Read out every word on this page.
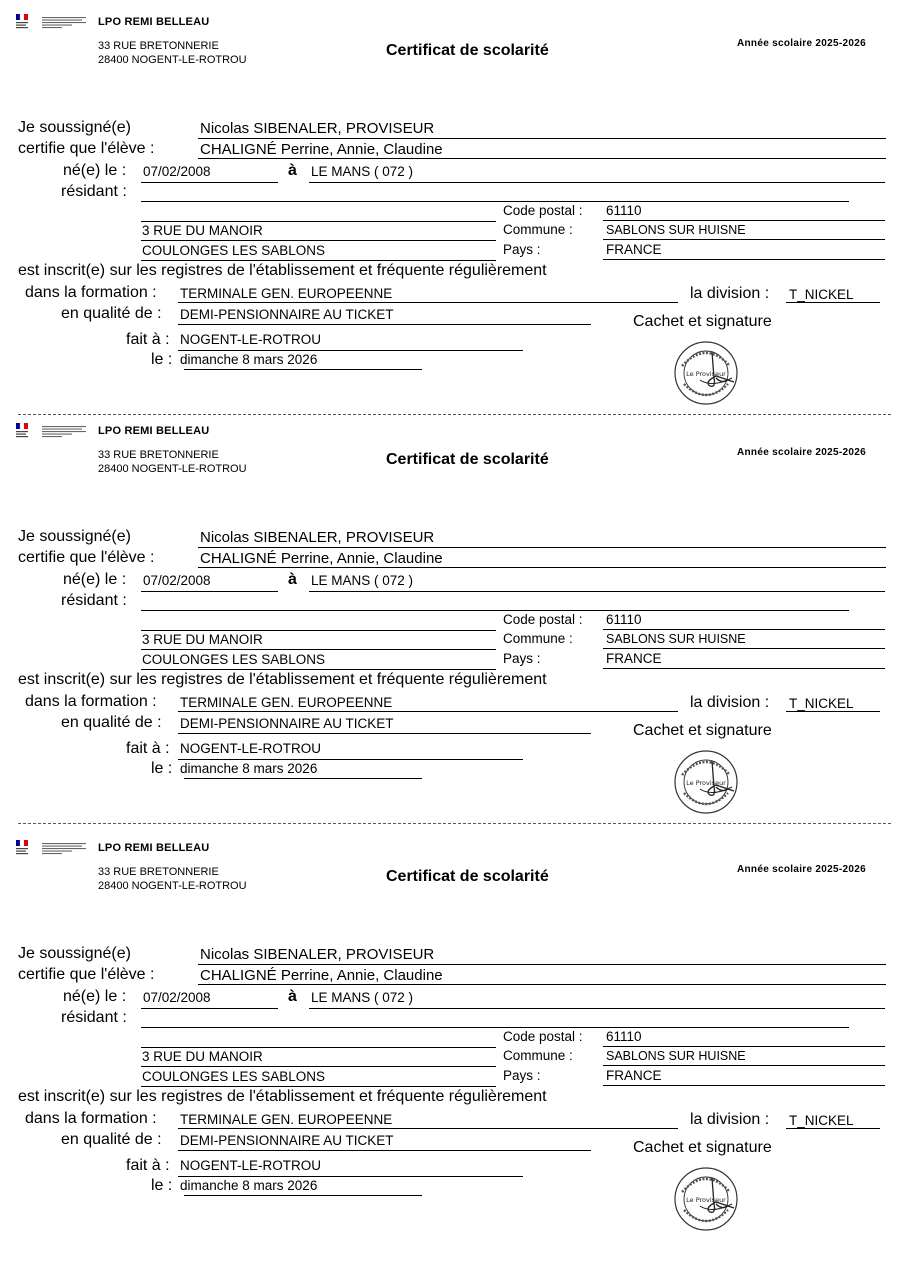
LPO REMI BELLEAU
33 RUE BRETONNERIE
28400 NOGENT-LE-ROTROU
Certificat de scolarité	Année scolaire 2025-2026
Je soussigné(e)	Nicolas SIBENALER, PROVISEUR
certifie que l'élève :	CHALIGNÉ Perrine, Annie, Claudine
né(e) le : 07/02/2008	à LE MANS ( 072 )
résidant :
Code postal : 61110
3 RUE DU MANOIR	Commune :	SABLONS SUR HUISNE
COULONGES LES SABLONS	Pays :	FRANCE
est inscrit(e) sur les registres de l'établissement et fréquente régulièrement
dans la formation : TERMINALE GEN. EUROPEENNE	la division : T_NICKEL
en qualité de : DEMI-PENSIONNAIRE AU TICKET	Cachet et signature
fait à : NOGENT-LE-ROTROU
le : dimanche 8 mars 2026
Le Proviseur
LPO REMI BELLEAU
33 RUE BRETONNERIE
28400 NOGENT-LE-ROTROU
Certificat de scolarité	Année scolaire 2025-2026
Je soussigné(e)	Nicolas SIBENALER, PROVISEUR
certifie que l'élève :	CHALIGNÉ Perrine, Annie, Claudine
né(e) le : 07/02/2008	à LE MANS ( 072 )
résidant :
Code postal : 61110
3 RUE DU MANOIR	Commune :	SABLONS SUR HUISNE
COULONGES LES SABLONS	Pays :	FRANCE
est inscrit(e) sur les registres de l'établissement et fréquente régulièrement
dans la formation : TERMINALE GEN. EUROPEENNE	la division : T_NICKEL
en qualité de : DEMI-PENSIONNAIRE AU TICKET	Cachet et signature
fait à : NOGENT-LE-ROTROU
le : dimanche 8 mars 2026
Le Proviseur
LPO REMI BELLEAU
33 RUE BRETONNERIE
28400 NOGENT-LE-ROTROU
Certificat de scolarité	Année scolaire 2025-2026
Je soussigné(e)	Nicolas SIBENALER, PROVISEUR
certifie que l'élève :	CHALIGNÉ Perrine, Annie, Claudine
né(e) le : 07/02/2008	à LE MANS ( 072 )
résidant :
Code postal : 61110
3 RUE DU MANOIR	Commune :	SABLONS SUR HUISNE
COULONGES LES SABLONS	Pays :	FRANCE
est inscrit(e) sur les registres de l'établissement et fréquente régulièrement
dans la formation : TERMINALE GEN. EUROPEENNE	la division : T_NICKEL
en qualité de : DEMI-PENSIONNAIRE AU TICKET	Cachet et signature
fait à : NOGENT-LE-ROTROU
le : dimanche 8 mars 2026
Le Proviseur
